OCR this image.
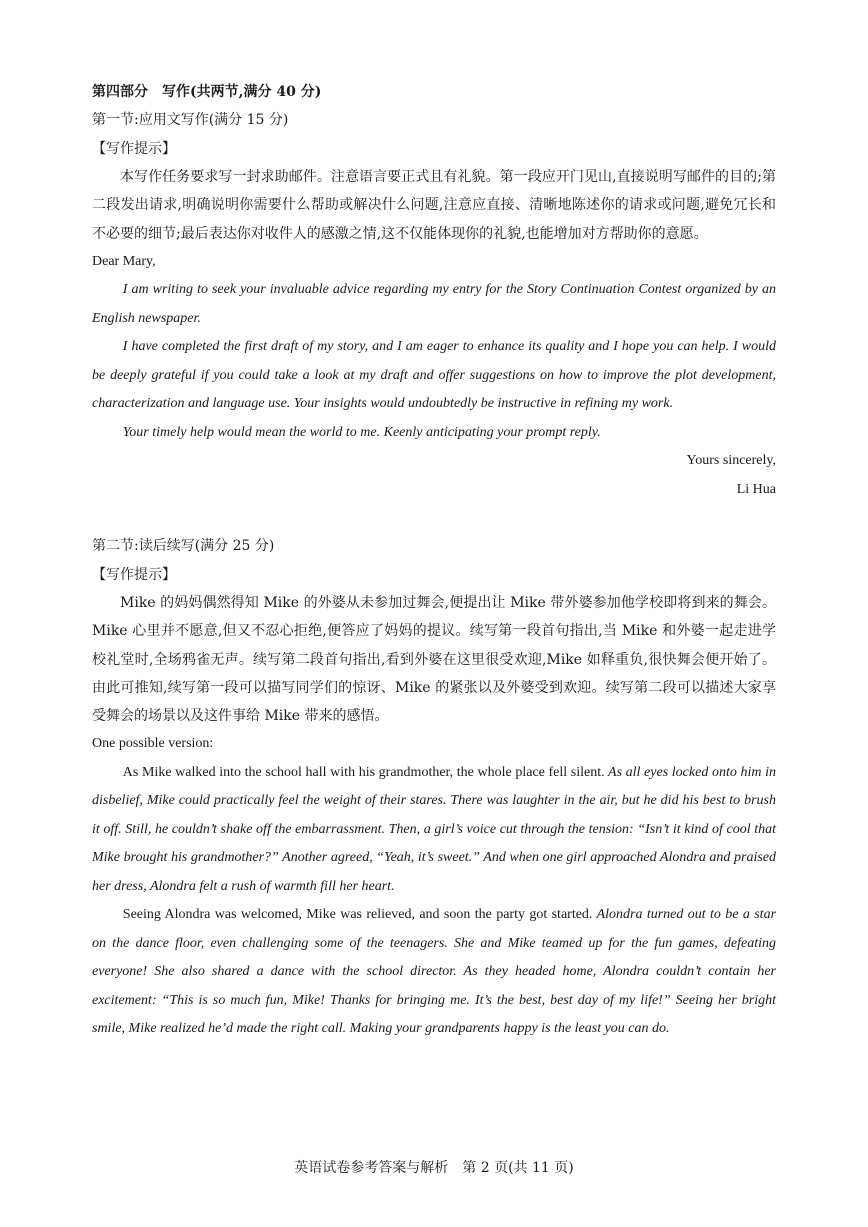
第四部分　写作(共两节,满分 40 分)
第一节:应用文写作(满分 15 分)
【写作提示】

本写作任务要求写一封求助邮件。注意语言要正式且有礼貌。第一段应开门见山,直接说明写邮件的目的;第二段发出请求,明确说明你需要什么帮助或解决什么问题,注意应直接、清晰地陈述你的请求或问题,避免冗长和不必要的细节;最后表达你对收件人的感激之情,这不仅能体现你的礼貌,也能增加对方帮助你的意愿。

Dear Mary,

I am writing to seek your invaluable advice regarding my entry for the Story Continuation Contest organized by an English newspaper.

I have completed the first draft of my story, and I am eager to enhance its quality and I hope you can help. I would be deeply grateful if you could take a look at my draft and offer suggestions on how to improve the plot development, characterization and language use. Your insights would undoubtedly be instructive in refining my work.

Your timely help would mean the world to me. Keenly anticipating your prompt reply.

Yours sincerely,
Li Hua
第二节:读后续写(满分 25 分)
【写作提示】

Mike 的妈妈偶然得知 Mike 的外婆从未参加过舞会,便提出让 Mike 带外婆参加他学校即将到来的舞会。Mike 心里并不愿意,但又不忍心拒绝,便答应了妈妈的提议。续写第一段首句指出,当 Mike 和外婆一起走进学校礼堂时,全场鸦雀无声。续写第二段首句指出,看到外婆在这里很受欢迎,Mike 如释重负,很快舞会便开始了。由此可推知,续写第一段可以描写同学们的惊讶、Mike 的紧张以及外婆受到欢迎。续写第二段可以描述大家享受舞会的场景以及这件事给 Mike 带来的感悟。

One possible version:

As Mike walked into the school hall with his grandmother, the whole place fell silent. As all eyes locked onto him in disbelief, Mike could practically feel the weight of their stares. There was laughter in the air, but he did his best to brush it off. Still, he couldn’t shake off the embarrassment. Then, a girl’s voice cut through the tension: “Isn’t it kind of cool that Mike brought his grandmother?” Another agreed, “Yeah, it’s sweet.” And when one girl approached Alondra and praised her dress, Alondra felt a rush of warmth fill her heart.

Seeing Alondra was welcomed, Mike was relieved, and soon the party got started. Alondra turned out to be a star on the dance floor, even challenging some of the teenagers. She and Mike teamed up for the fun games, defeating everyone! She also shared a dance with the school director. As they headed home, Alondra couldn’t contain her excitement: “This is so much fun, Mike! Thanks for bringing me. It’s the best, best day of my life!” Seeing her bright smile, Mike realized he’d made the right call. Making your grandparents happy is the least you can do.

英语试卷参考答案与解析　第 2 页(共 11 页)
